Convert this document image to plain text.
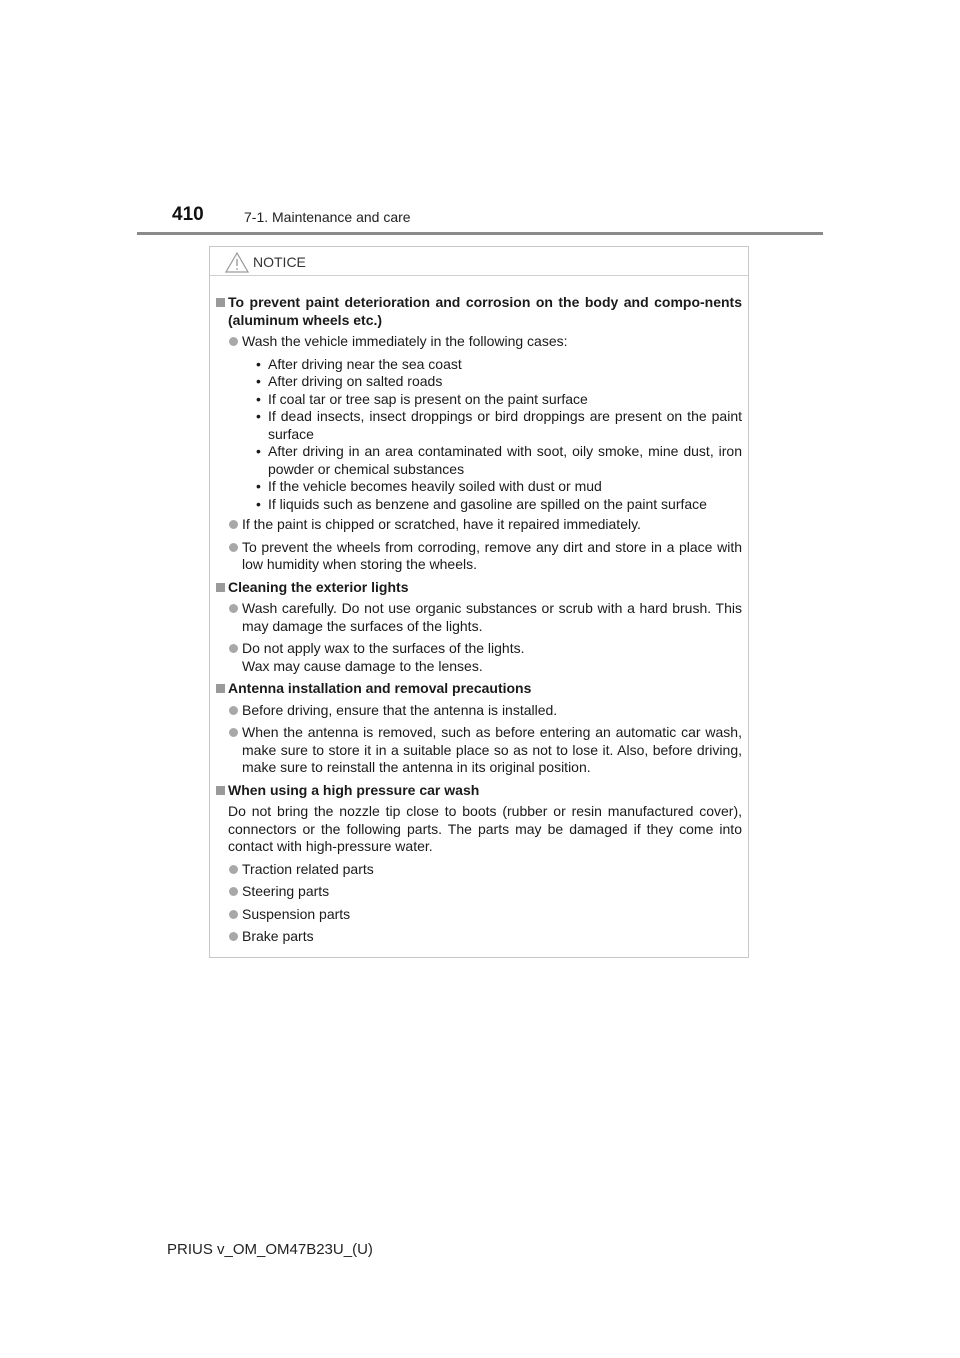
410	7-1. Maintenance and care
NOTICE
To prevent paint deterioration and corrosion on the body and compo-nents (aluminum wheels etc.)
Wash the vehicle immediately in the following cases:
• After driving near the sea coast
• After driving on salted roads
• If coal tar or tree sap is present on the paint surface
• If dead insects, insect droppings or bird droppings are present on the paint surface
• After driving in an area contaminated with soot, oily smoke, mine dust, iron powder or chemical substances
• If the vehicle becomes heavily soiled with dust or mud
• If liquids such as benzene and gasoline are spilled on the paint surface
If the paint is chipped or scratched, have it repaired immediately.
To prevent the wheels from corroding, remove any dirt and store in a place with low humidity when storing the wheels.
Cleaning the exterior lights
Wash carefully. Do not use organic substances or scrub with a hard brush. This may damage the surfaces of the lights.
Do not apply wax to the surfaces of the lights.
Wax may cause damage to the lenses.
Antenna installation and removal precautions
Before driving, ensure that the antenna is installed.
When the antenna is removed, such as before entering an automatic car wash, make sure to store it in a suitable place so as not to lose it. Also, before driving, make sure to reinstall the antenna in its original position.
When using a high pressure car wash
Do not bring the nozzle tip close to boots (rubber or resin manufactured cover), connectors or the following parts. The parts may be damaged if they come into contact with high-pressure water.
Traction related parts
Steering parts
Suspension parts
Brake parts
PRIUS v_OM_OM47B23U_(U)
